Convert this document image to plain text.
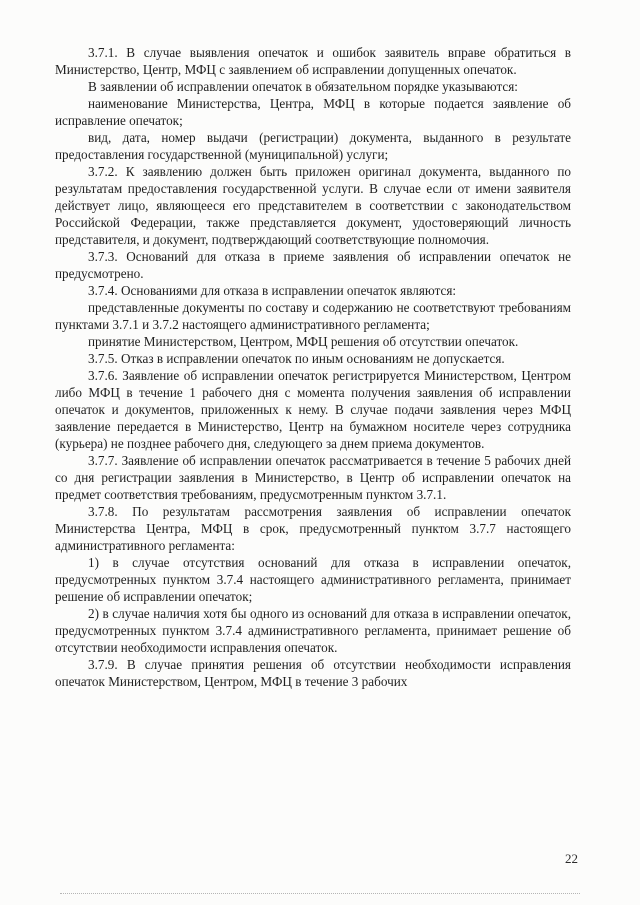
3.7.1. В случае выявления опечаток и ошибок заявитель вправе обратиться в Министерство, Центр, МФЦ с заявлением об исправлении допущенных опечаток.

В заявлении об исправлении опечаток в обязательном порядке указываются:

наименование Министерства, Центра, МФЦ в которые подается заявление об исправление опечаток;

вид, дата, номер выдачи (регистрации) документа, выданного в результате предоставления государственной (муниципальной) услуги;

3.7.2. К заявлению должен быть приложен оригинал документа, выданного по результатам предоставления государственной услуги. В случае если от имени заявителя действует лицо, являющееся его представителем в соответствии с законодательством Российской Федерации, также представляется документ, удостоверяющий личность представителя, и документ, подтверждающий соответствующие полномочия.

3.7.3. Оснований для отказа в приеме заявления об исправлении опечаток не предусмотрено.

3.7.4. Основаниями для отказа в исправлении опечаток являются:

представленные документы по составу и содержанию не соответствуют требованиям пунктами 3.7.1 и 3.7.2 настоящего административного регламента;

принятие Министерством, Центром, МФЦ решения об отсутствии опечаток.

3.7.5. Отказ в исправлении опечаток по иным основаниям не допускается.

3.7.6. Заявление об исправлении опечаток регистрируется Министерством, Центром либо МФЦ в течение 1 рабочего дня с момента получения заявления об исправлении опечаток и документов, приложенных к нему. В случае подачи заявления через МФЦ заявление передается в Министерство, Центр на бумажном носителе через сотрудника (курьера) не позднее рабочего дня, следующего за днем приема документов.

3.7.7. Заявление об исправлении опечаток рассматривается в течение 5 рабочих дней со дня регистрации заявления в Министерство, в Центр об исправлении опечаток на предмет соответствия требованиям, предусмотренным пунктом 3.7.1.

3.7.8. По результатам рассмотрения заявления об исправлении опечаток Министерства Центра, МФЦ в срок, предусмотренный пунктом 3.7.7 настоящего административного регламента:

1) в случае отсутствия оснований для отказа в исправлении опечаток, предусмотренных пунктом 3.7.4 настоящего административного регламента, принимает решение об исправлении опечаток;

2) в случае наличия хотя бы одного из оснований для отказа в исправлении опечаток, предусмотренных пунктом 3.7.4 административного регламента, принимает решение об отсутствии необходимости исправления опечаток.

3.7.9. В случае принятия решения об отсутствии необходимости исправления опечаток Министерством, Центром, МФЦ в течение 3 рабочих

22
